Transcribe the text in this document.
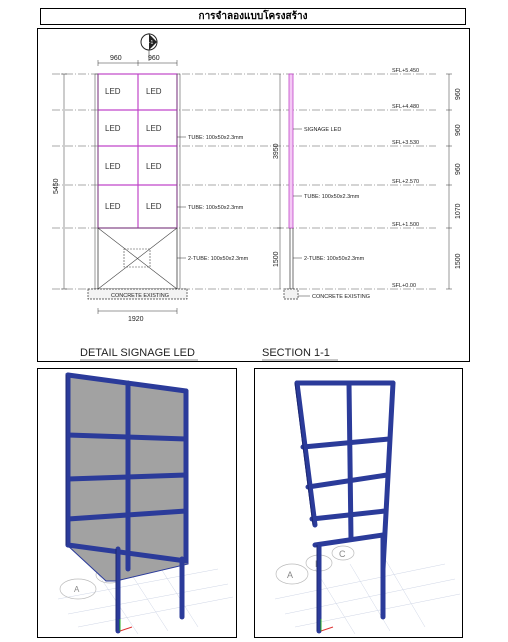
การจำลองแบบโครงสร้าง
1-1
960	960
5450
LED	LED
LED	LED
LED	LED
LED	LED
CONCRETE EXISTING
1920
TUBE: 100x50x2.3mm
TUBE: 100x50x2.3mm
2-TUBE: 100x50x2.3mm
3950
1500
SIGNAGE LED
TUBE: 100x50x2.3mm
2-TUBE: 100x50x2.3mm
CONCRETE EXISTING
SFL+5.450
SFL+4.480
SFL+3.530
SFL+2.570
SFL+1.500
SFL+0.00
960
960
960
1070
1500
DETAIL SIGNAGE LED	SECTION 1-1
A
A
B
C
